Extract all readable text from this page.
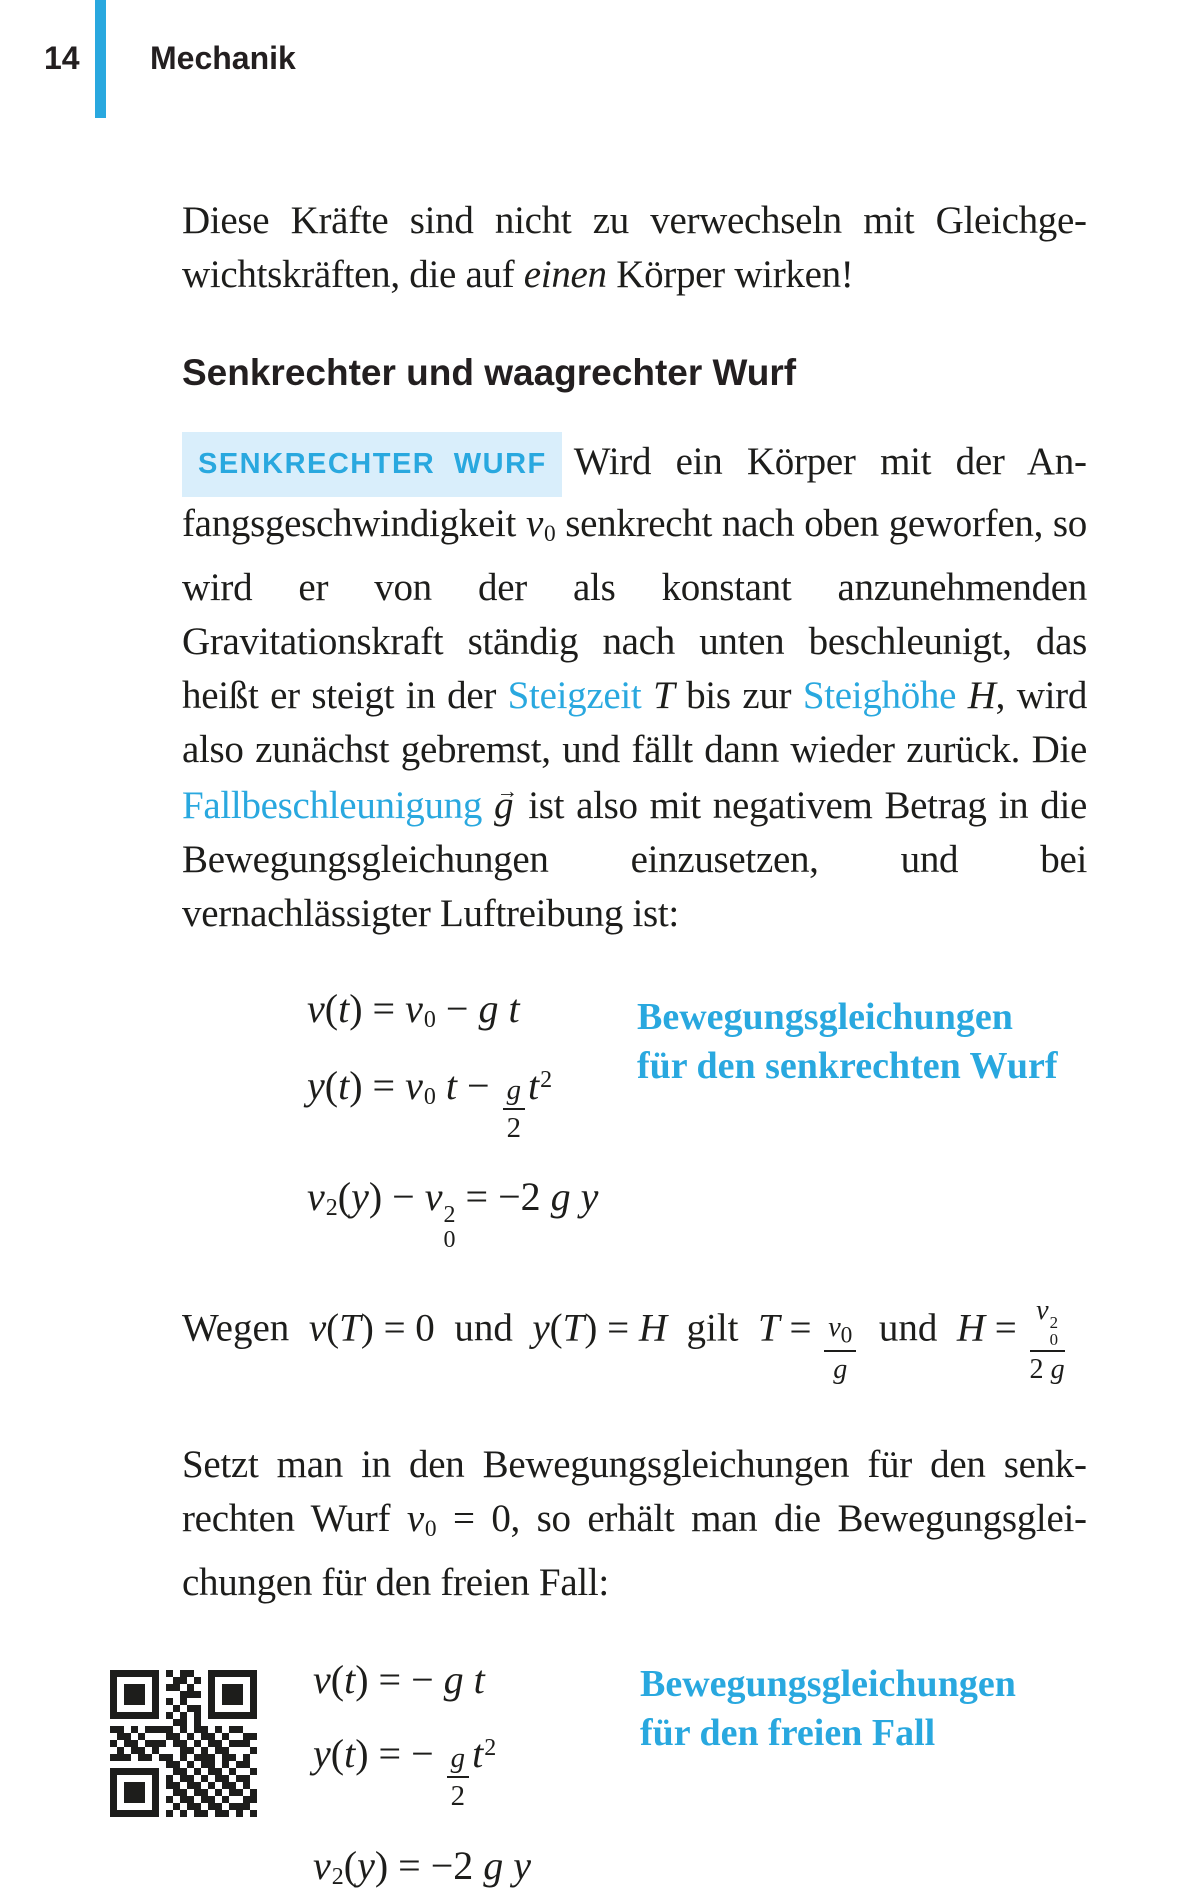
14 Mechanik

Diese Kräfte sind nicht zu verwechseln mit Gleichgewichtskräften, die auf einen Körper wirken!

Senkrechter und waagrechter Wurf

SENKRECHTER WURF Wird ein Körper mit der Anfangsgeschwindigkeit $v_0$ senkrecht nach oben geworfen, so wird er von der als konstant anzunehmenden Gravitationskraft ständig nach unten beschleunigt, das heißt er steigt in der Steigzeit T bis zur Steighöhe H, wird also zunächst gebremst, und fällt dann wieder zurück. Die Fallbeschleunigung g → ist also mit negativem Betrag in die Bewegungsgleichungen einzusetzen, und bei vernachlässigter Luftreibung ist:

$v(t) = v_0 - g$ t
$y(t) = v_0$ $t - \frac{g}{2} t^2$
$v_2(y) - v$ 2
0
= −2 g y
Bewegungsgleichungen für den senkrechten Wurf
Wegen v(T) = 0  und y(T) = H gilt $T = \frac{v_0}{g}$ und H = v 2
0
2 g

Setzt man in den Bewegungsgleichungen für den senkrechten Wurf $v_0 = 0$, so erhält man die Bewegungsgleichungen für den freien Fall:

v(t) = − g t
y(t) = − $\frac{g}{2} t^2$
$v_2(y) = -2$ g y
Bewegungsgleichungen für den freien Fall
